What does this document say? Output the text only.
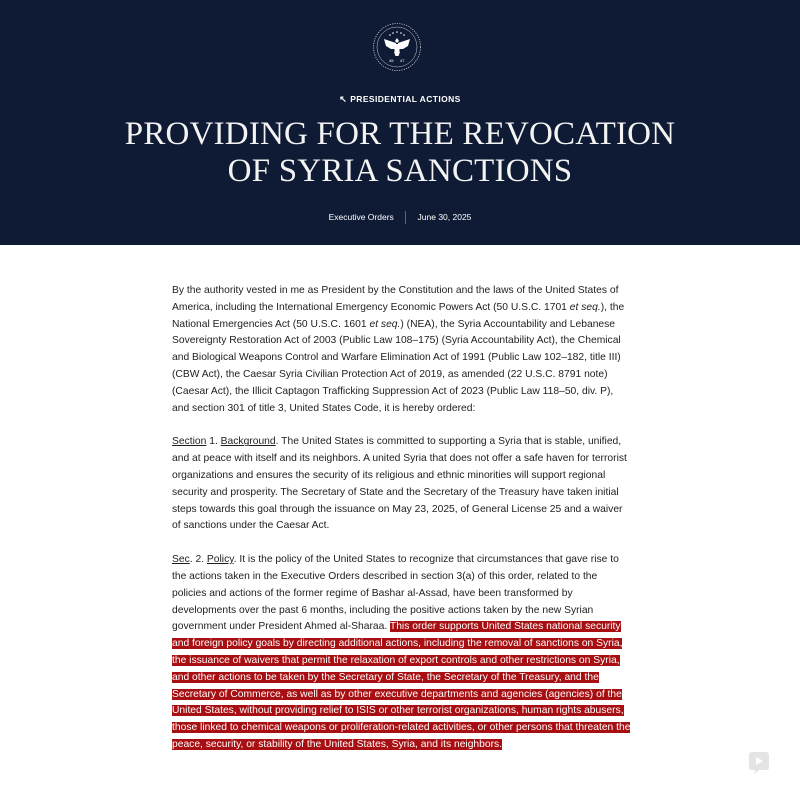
45 47
↖ PRESIDENTIAL ACTIONS
PROVIDING FOR THE REVOCATION
OF SYRIA SANCTIONS
Executive Orders	June 30, 2025

By the authority vested in me as President by the Constitution and the laws of the United States of America, including the International Emergency Economic Powers Act (50 U.S.C. 1701 et seq.), the National Emergencies Act (50 U.S.C. 1601 et seq.) (NEA), the Syria Accountability and Lebanese Sovereignty Restoration Act of 2003 (Public Law 108–175) (Syria Accountability Act), the Chemical and Biological Weapons Control and Warfare Elimination Act of 1991 (Public Law 102–182, title III) (CBW Act), the Caesar Syria Civilian Protection Act of 2019, as amended (22 U.S.C. 8791 note) (Caesar Act), the Illicit Captagon Trafficking Suppression Act of 2023 (Public Law 118–50, div. P), and section 301 of title 3, United States Code, it is hereby ordered:

Section 1. Background. The United States is committed to supporting a Syria that is stable, unified, and at peace with itself and its neighbors. A united Syria that does not offer a safe haven for terrorist organizations and ensures the security of its religious and ethnic minorities will support regional security and prosperity. The Secretary of State and the Secretary of the Treasury have taken initial steps towards this goal through the issuance on May 23, 2025, of General License 25 and a waiver of sanctions under the Caesar Act.

Sec. 2. Policy. It is the policy of the United States to recognize that circumstances that gave rise to the actions taken in the Executive Orders described in section 3(a) of this order, related to the policies and actions of the former regime of Bashar al-Assad, have been transformed by developments over the past 6 months, including the positive actions taken by the new Syrian government under President Ahmed al-Sharaa. This order supports United States national security and foreign policy goals by directing additional actions, including the removal of sanctions on Syria, the issuance of waivers that permit the relaxation of export controls and other restrictions on Syria, and other actions to be taken by the Secretary of State, the Secretary of the Treasury, and the Secretary of Commerce, as well as by other executive departments and agencies (agencies) of the United States, without providing relief to ISIS or other terrorist organizations, human rights abusers, those linked to chemical weapons or proliferation-related activities, or other persons that threaten the peace, security, or stability of the United States, Syria, and its neighbors.
